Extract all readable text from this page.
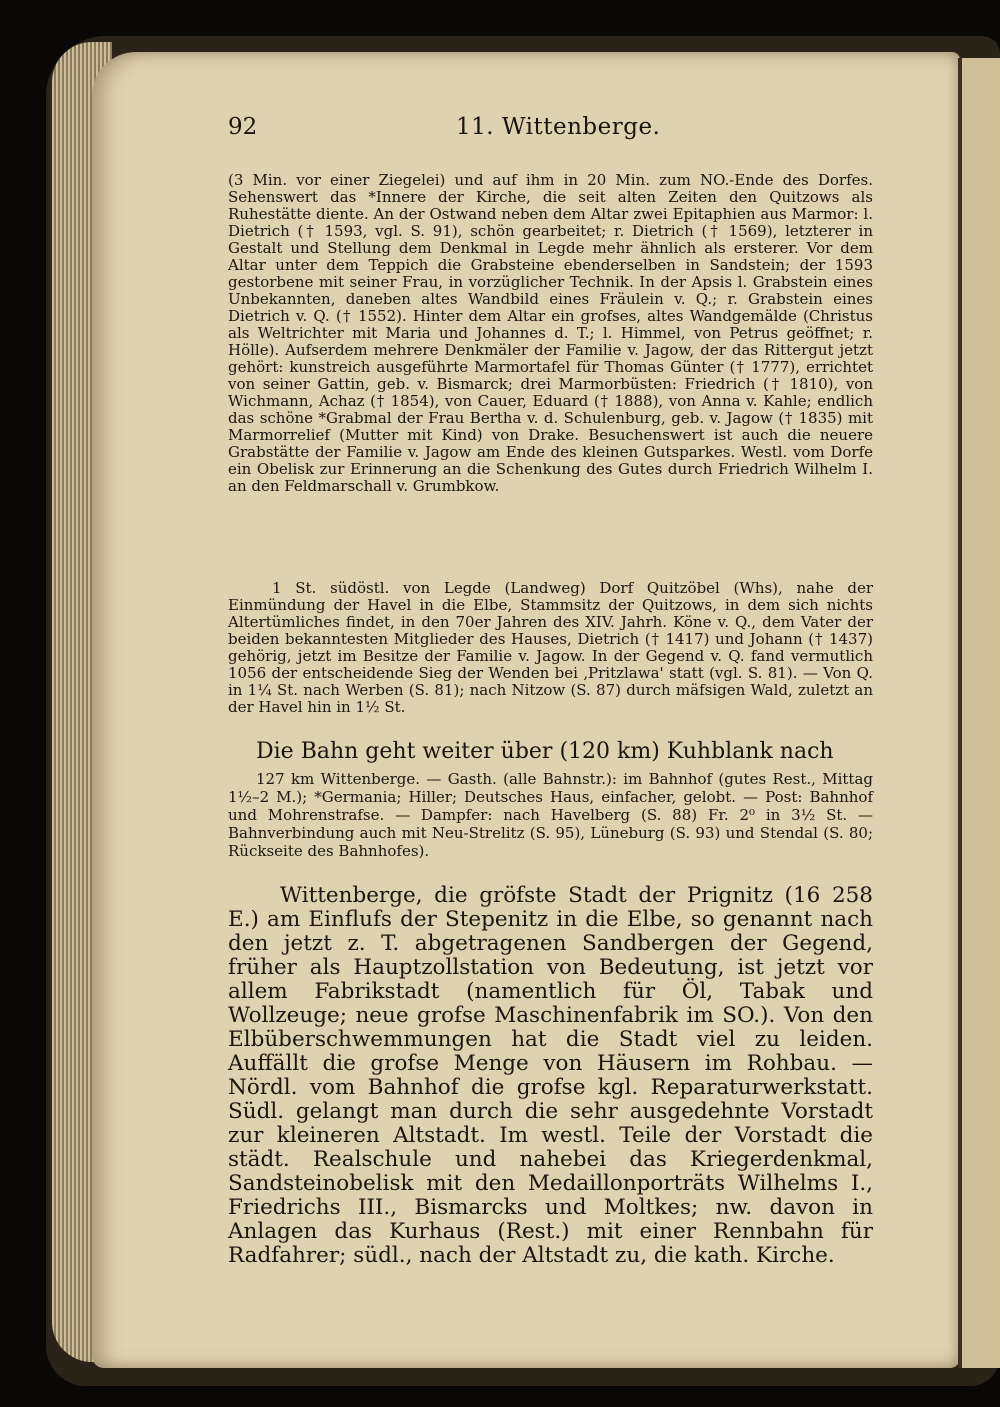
92	11. Wittenberge.

(3 Min. vor einer Ziegelei) und auf ihm in 20 Min. zum NO.-Ende des Dorfes. Sehenswert das *Innere der Kirche, die seit alten Zeiten den Quitzows als Ruhestätte diente. An der Ostwand neben dem Altar zwei Epitaphien aus Marmor: l. Dietrich († 1593, vgl. S. 91), schön gearbeitet; r. Dietrich († 1569), letzterer in Gestalt und Stellung dem Denkmal in Legde mehr ähnlich als ersterer. Vor dem Altar unter dem Teppich die Grabsteine ebenderselben in Sandstein; der 1593 gestorbene mit seiner Frau, in vorzüglicher Technik. In der Apsis l. Grabstein eines Unbekannten, daneben altes Wandbild eines Fräulein v. Q.; r. Grabstein eines Dietrich v. Q. († 1552). Hinter dem Altar ein grofses, altes Wandgemälde (Christus als Weltrichter mit Maria und Johannes d. T.; l. Himmel, von Petrus geöffnet; r. Hölle). Aufserdem mehrere Denkmäler der Familie v. Jagow, der das Rittergut jetzt gehört: kunstreich ausgeführte Marmortafel für Thomas Günter († 1777), errichtet von seiner Gattin, geb. v. Bismarck; drei Marmorbüsten: Friedrich († 1810), von Wichmann, Achaz († 1854), von Cauer, Eduard († 1888), von Anna v. Kahle; endlich das schöne *Grabmal der Frau Bertha v. d. Schulenburg, geb. v. Jagow († 1835) mit Marmorrelief (Mutter mit Kind) von Drake. Besuchenswert ist auch die neuere Grabstätte der Familie v. Jagow am Ende des kleinen Gutsparkes. Westl. vom Dorfe ein Obelisk zur Erinnerung an die Schenkung des Gutes durch Friedrich Wilhelm I. an den Feldmarschall v. Grumbkow.

1 St. südöstl. von Legde (Landweg) Dorf Quitzöbel (Whs), nahe der Einmündung der Havel in die Elbe, Stammsitz der Quitzows, in dem sich nichts Altertümliches findet, in den 70er Jahren des XIV. Jahrh. Köne v. Q., dem Vater der beiden bekanntesten Mitglieder des Hauses, Dietrich († 1417) und Johann († 1437) gehörig, jetzt im Besitze der Familie v. Jagow. In der Gegend v. Q. fand vermutlich 1056 der entscheidende Sieg der Wenden bei ‚Pritzlawa' statt (vgl. S. 81). — Von Q. in 1¼ St. nach Werben (S. 81); nach Nitzow (S. 87) durch mäfsigen Wald, zuletzt an der Havel hin in 1½ St.

Die Bahn geht weiter über (120 km) Kuhblank nach

127 km Wittenberge. — Gasth. (alle Bahnstr.): im Bahnhof (gutes Rest., Mittag 1½–2 M.); *Germania; Hiller; Deutsches Haus, einfacher, gelobt. — Post: Bahnhof und Mohrenstrafse. — Dampfer: nach Havelberg (S. 88) Fr. 2⁰ in 3½ St. — Bahnverbindung auch mit Neu-Strelitz (S. 95), Lüneburg (S. 93) und Stendal (S. 80; Rückseite des Bahnhofes).

Wittenberge, die gröfste Stadt der Prignitz (16 258 E.) am Einflufs der Stepenitz in die Elbe, so genannt nach den jetzt z. T. abgetragenen Sandbergen der Gegend, früher als Hauptzollstation von Bedeutung, ist jetzt vor allem Fabrikstadt (namentlich für Öl, Tabak und Wollzeuge; neue grofse Maschinenfabrik im SO.). Von den Elbüberschwemmungen hat die Stadt viel zu leiden. Auffällt die grofse Menge von Häusern im Rohbau. — Nördl. vom Bahnhof die grofse kgl. Reparaturwerkstatt. Südl. gelangt man durch die sehr ausgedehnte Vorstadt zur kleineren Altstadt. Im westl. Teile der Vorstadt die städt. Realschule und nahebei das Kriegerdenkmal, Sandsteinobelisk mit den Medaillonporträts Wilhelms I., Friedrichs III., Bismarcks und Moltkes; nw. davon in Anlagen das Kurhaus (Rest.) mit einer Rennbahn für Radfahrer; südl., nach der Altstadt zu, die kath. Kirche.
